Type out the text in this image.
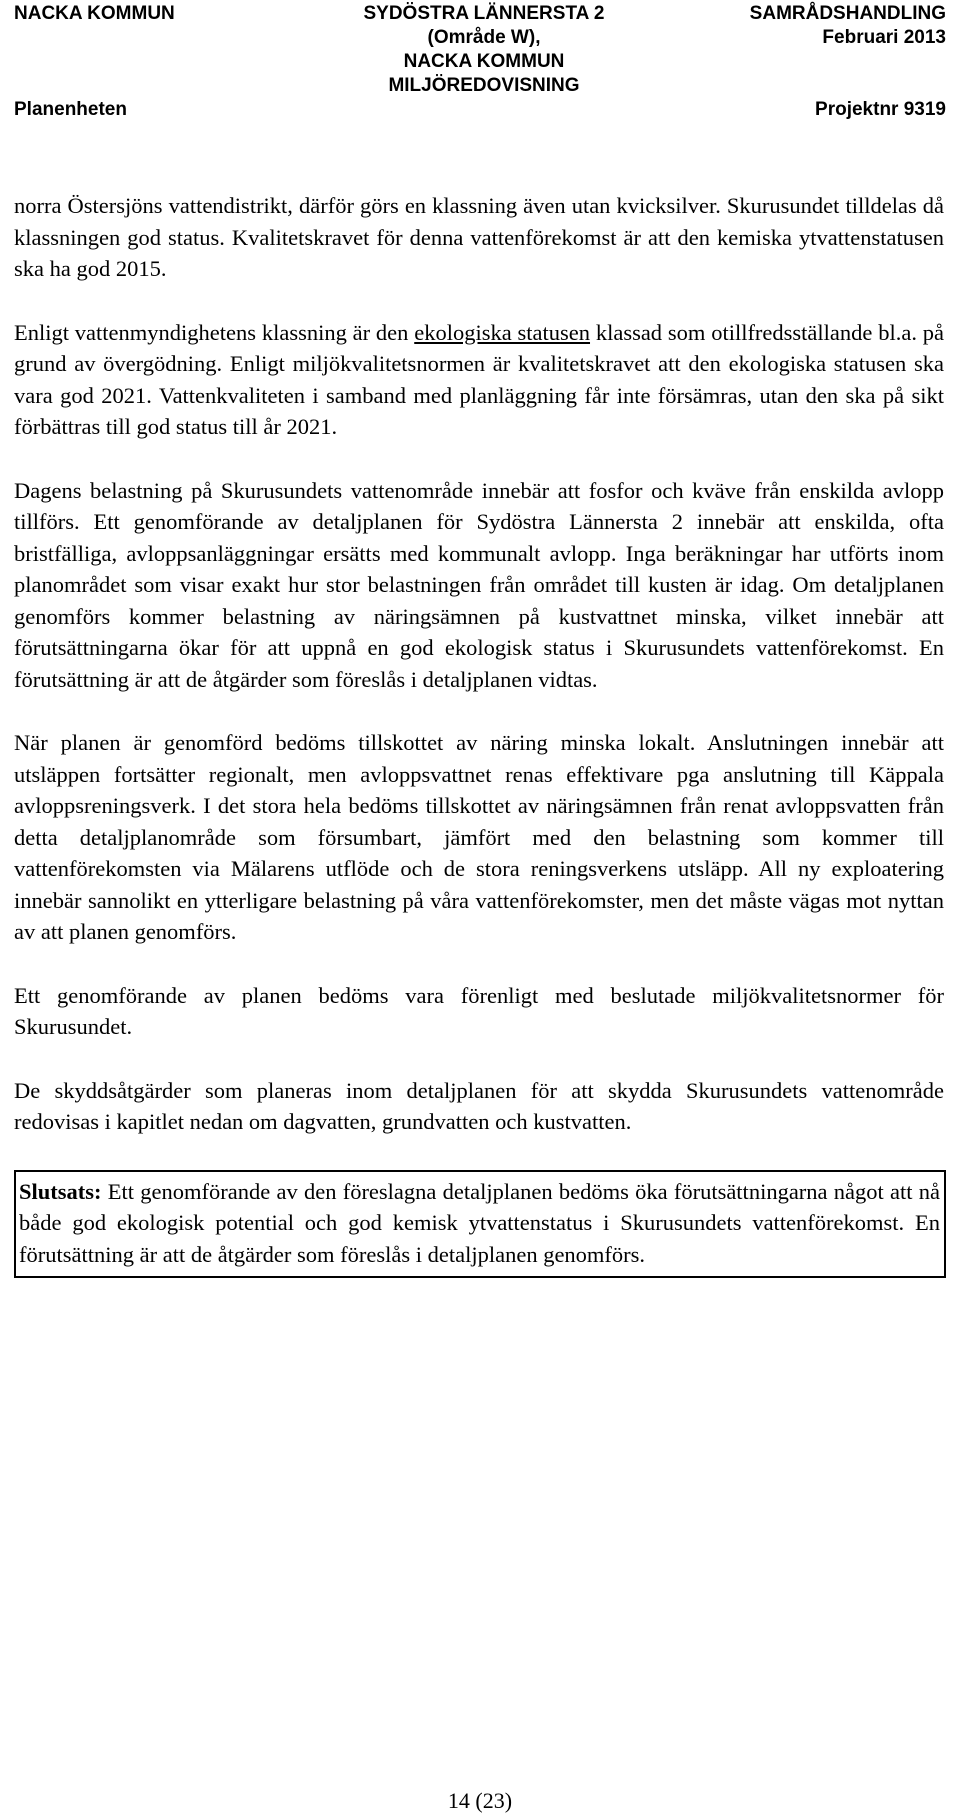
NACKA KOMMUN	SYDÖSTRA LÄNNERSTA 2
(Område W),
NACKA KOMMUN
MILJÖREDOVISNING
SAMRÅDSHANDLING
Februari 2013
Planenheten	Projektnr 9319

norra Östersjöns vattendistrikt, därför görs en klassning även utan kvicksilver. Skurusundet tilldelas då klassningen god status. Kvalitetskravet för denna vattenförekomst är att den kemiska ytvattenstatusen ska ha god 2015.

Enligt vattenmyndighetens klassning är den ekologiska statusen klassad som otillfredsställande bl.a. på grund av övergödning. Enligt miljökvalitetsnormen är kvalitetskravet att den ekologiska statusen ska vara god 2021. Vattenkvaliteten i samband med planläggning får inte försämras, utan den ska på sikt förbättras till god status till år 2021.

Dagens belastning på Skurusundets vattenområde innebär att fosfor och kväve från enskilda avlopp tillförs. Ett genomförande av detaljplanen för Sydöstra Lännersta 2 innebär att enskilda, ofta bristfälliga, avloppsanläggningar ersätts med kommunalt avlopp. Inga beräkningar har utförts inom planområdet som visar exakt hur stor belastningen från området till kusten är idag. Om detaljplanen genomförs kommer belastning av näringsämnen på kustvattnet minska, vilket innebär att förutsättningarna ökar för att uppnå en god ekologisk status i Skurusundets vattenförekomst. En förutsättning är att de åtgärder som föreslås i detaljplanen vidtas.

När planen är genomförd bedöms tillskottet av näring minska lokalt. Anslutningen innebär att utsläppen fortsätter regionalt, men avloppsvattnet renas effektivare pga anslutning till Käppala avloppsreningsverk. I det stora hela bedöms tillskottet av näringsämnen från renat avloppsvatten från detta detaljplanområde som försumbart, jämfört med den belastning som kommer till vattenförekomsten via Mälarens utflöde och de stora reningsverkens utsläpp. All ny exploatering innebär sannolikt en ytterligare belastning på våra vattenförekomster, men det måste vägas mot nyttan av att planen genomförs.

Ett genomförande av planen bedöms vara förenligt med beslutade miljökvalitetsnormer för Skurusundet.

De skyddsåtgärder som planeras inom detaljplanen för att skydda Skurusundets vattenområde redovisas i kapitlet nedan om dagvatten, grundvatten och kustvatten.

Slutsats: Ett genomförande av den föreslagna detaljplanen bedöms öka förutsättningarna något att nå både god ekologisk potential och god kemisk ytvattenstatus i Skurusundets vattenförekomst. En förutsättning är att de åtgärder som föreslås i detaljplanen genomförs.

14 (23)
